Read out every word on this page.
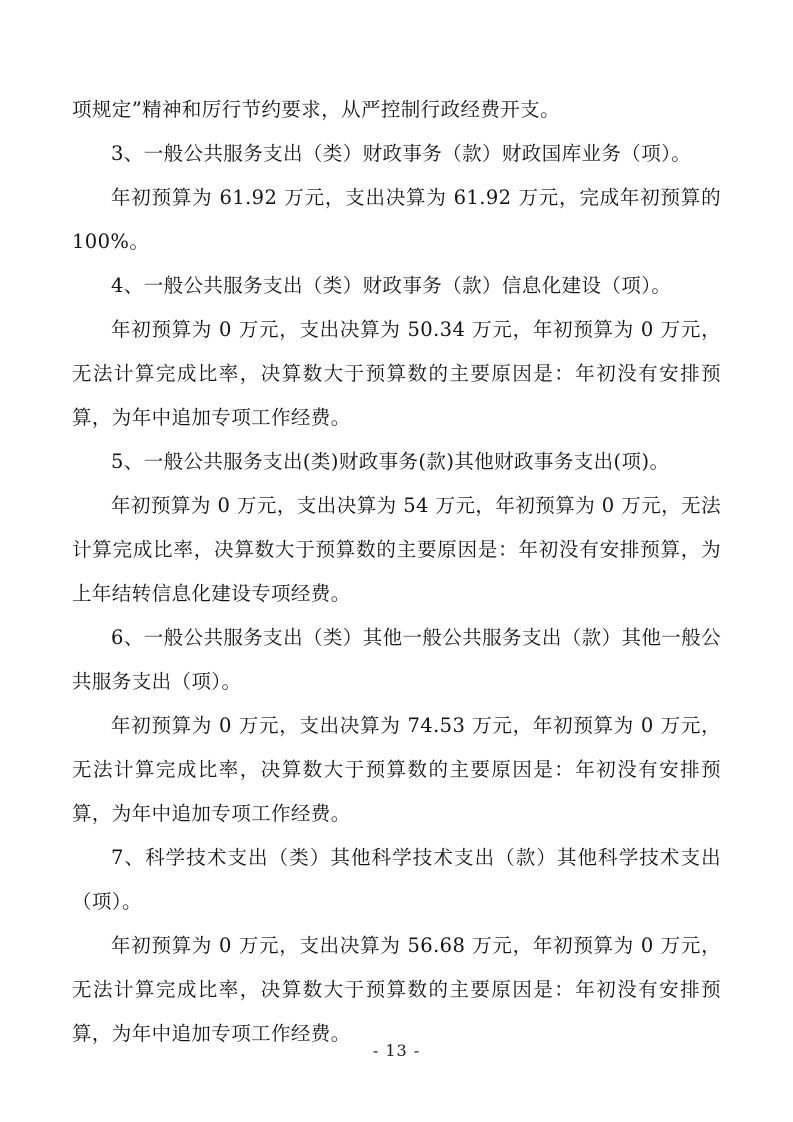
项规定”精神和厉行节约要求，从严控制行政经费开支。

3、一般公共服务支出（类）财政事务（款）财政国库业务（项）。

年初预算为 61.92 万元，支出决算为 61.92 万元，完成年初预算的 100%。

4、一般公共服务支出（类）财政事务（款）信息化建设（项）。

年初预算为 0 万元，支出决算为 50.34 万元，年初预算为 0 万元，无法计算完成比率，决算数大于预算数的主要原因是：年初没有安排预算，为年中追加专项工作经费。

5、一般公共服务支出(类)财政事务(款)其他财政事务支出(项)。

年初预算为 0 万元，支出决算为 54 万元，年初预算为 0 万元，无法计算完成比率，决算数大于预算数的主要原因是：年初没有安排预算，为上年结转信息化建设专项经费。

6、一般公共服务支出（类）其他一般公共服务支出（款）其他一般公共服务支出（项）。

年初预算为 0 万元，支出决算为 74.53 万元，年初预算为 0 万元，无法计算完成比率，决算数大于预算数的主要原因是：年初没有安排预算，为年中追加专项工作经费。

7、科学技术支出（类）其他科学技术支出（款）其他科学技术支出（项）。

年初预算为 0 万元，支出决算为 56.68 万元，年初预算为 0 万元，无法计算完成比率，决算数大于预算数的主要原因是：年初没有安排预算，为年中追加专项工作经费。

- 13 -
